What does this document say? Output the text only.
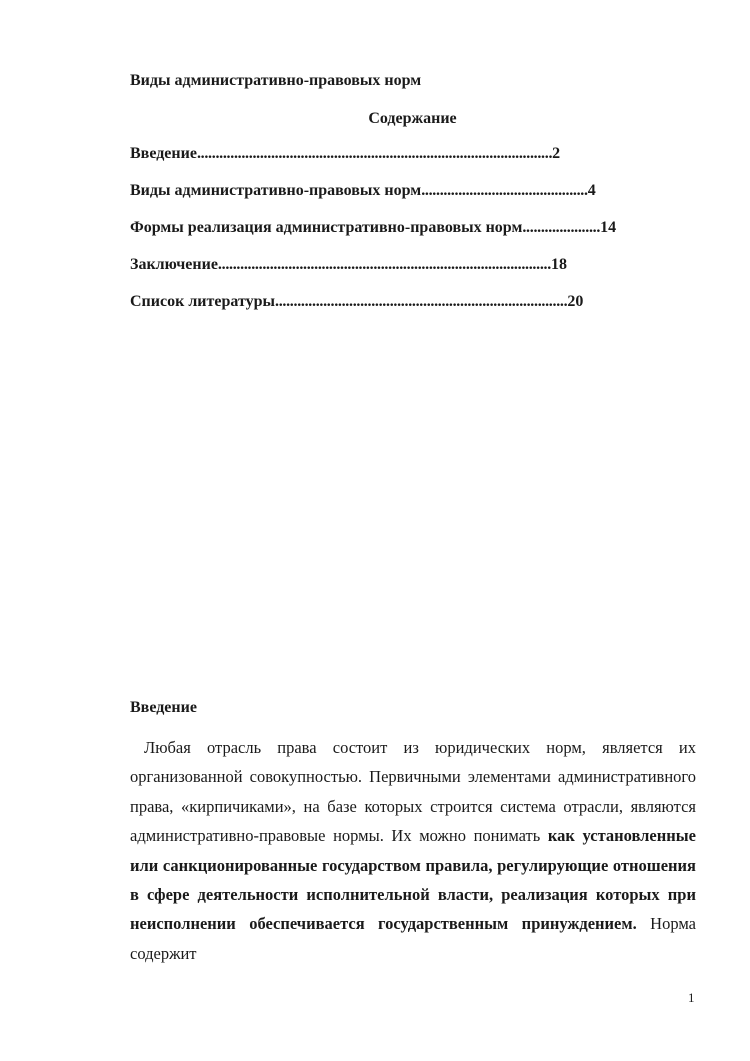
Виды административно-правовых норм
Содержание
Введение ................................................................................................ 2
Виды административно-правовых норм ............................................. 4
Формы реализация административно-правовых норм ..................... 14
Заключение .......................................................................................... 18
Список литературы ............................................................................... 20
Введение

Любая отрасль права состоит из юридических норм, является их организованной совокупностью. Первичными элементами административного права, «кирпичиками», на базе которых строится система отрасли, являются административно-правовые нормы. Их можно понимать как установленные или санкционированные государством правила, регулирующие отношения в сфере деятельности исполнительной власти, реализация которых при неисполнении обеспечивается государственным принуждением. Норма содержит

1
